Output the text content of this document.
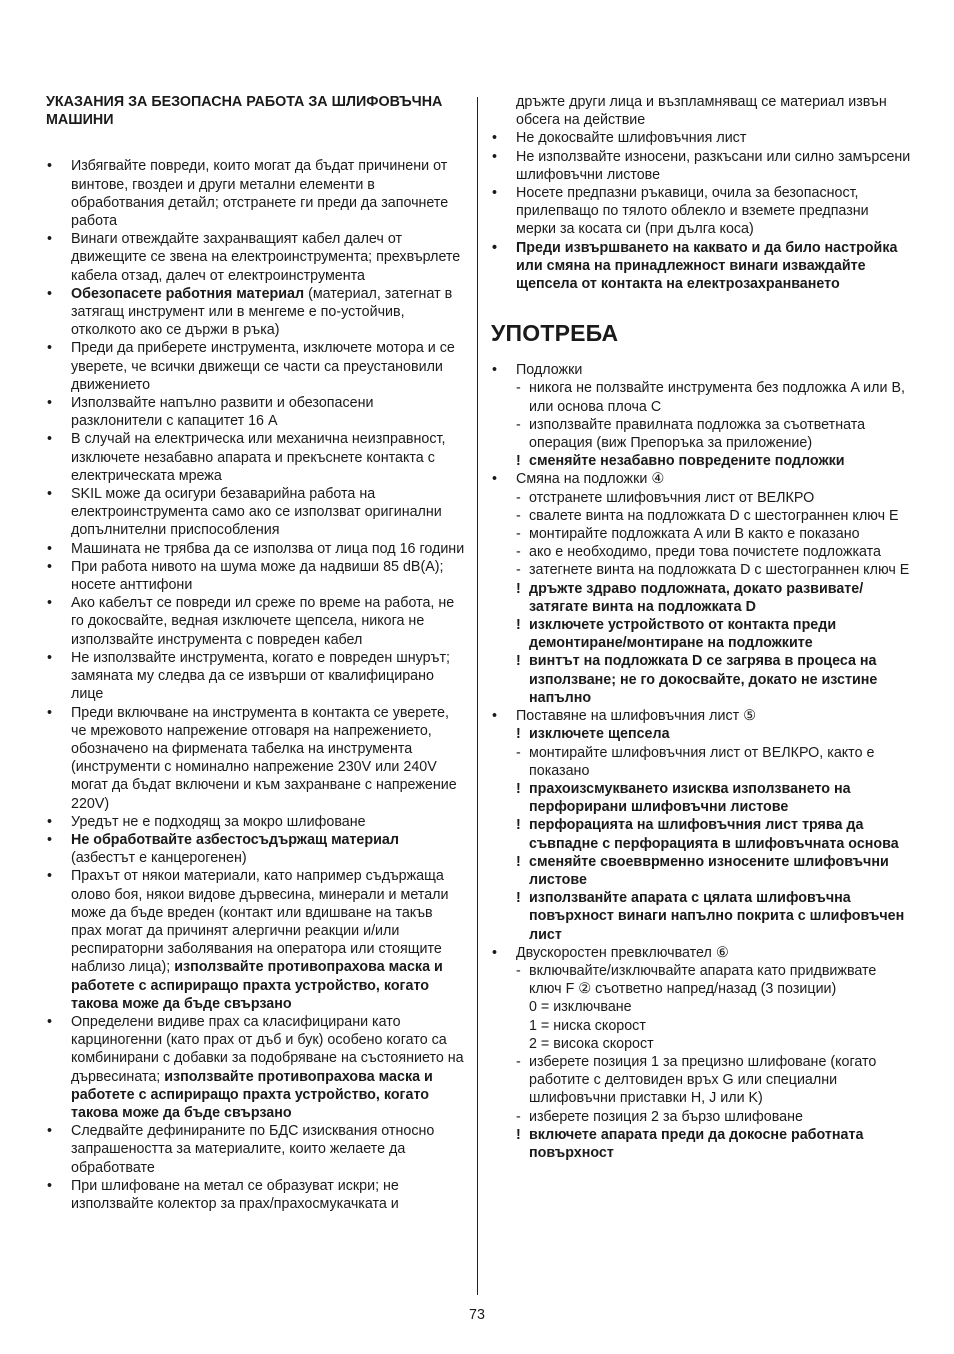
УКАЗАНИЯ ЗА БЕЗОПАСНА РАБОТА ЗА ШЛИФОВЪЧНА МАШИНИ
• Избягвайте повреди, които могат да бъдат причинени от винтове, гвоздеи и други метални елементи в обработвания детайл; отстранете ги преди да започнете работа
• Винаги отвеждайте захранващият кабел далеч от движещите се звена на електроинструмента; прехвърлете кабела отзад, далеч от електроинструмента
• Обезопасете работния материал (материал, затегнат в затягащ инструмент или в менгеме е по-устойчив, отколкото ако се държи в ръка)
• Преди да приберете инструмента, изключете мотора и се уверете, че всички движещи се части са преустановили движението
• Използвайте напълно развити и обезопасени разклонители с капацитет 16 A
• В случай на електрическа или механична неизправност, изключете незабавно апарата и прекъснете контакта с електрическата мрежа
• SKIL може да осигури безаварийна работа на електроинструмента само ако се използват оригинални допълнителни приспособления
• Машината не трябва да се използва от лица под 16 години
• При работа нивото на шума може да надвиши 85 dB(A); носете анттифони
• Ако кабелът се повреди ил среже по време на работа, не го докосвайте, ведная изключете щепсела, никога не използвайте инструмента с повреден кабел
• Не използвайте инструмента, когато е повреден шнурът; замяната му следва да се извърши от квалифицирано лице
• Преди включване на инструмента в контакта се уверете, че мрежовото напрежение отговаря на напрежението, обозначено на фирмената табелка на инструмента (инструменти с номинално напрежение 230V или 240V могат да бъдат включени и към захранване с напрежение 220V)
• Уредът не е подходящ за мокро шлифоване
• Не обработвайте азбестосъдържащ материал (азбестът е канцерогенен)
• Прахът от някои материали, като например съдържаща олово боя, някои видове дървесина, минерали и метали може да бъде вреден (контакт или вдишване на такъв прах могат да причинят алергични реакции и/или респираторни заболявания на оператора или стоящите наблизо лица); използвайте противопрахова маска и работете с аспириращо прахта устройство, когато такова може да бъде свързано
• Определени видиве прах са класифицирани като карциногенни (като прах от дъб и бук) особено когато са комбинирани с добавки за подобряване на състоянието на дървесината; използвайте противопрахова маска и работете с аспириращо прахта устройство, когато такова може да бъде свързано
• Следвайте дефинираните по БДС изисквания относно запрашеността за материалите, които желаете да обработвате
• При шлифоване на метал се образуват искри; не използвайте колектор за прах/прахосмукачката и
дръжте други лица и възпламняващ се материал извън обсега на действие
• Не докосвайте шлифовъчния лист
• Не използвайте износени, разкъсани или силно замърсени шлифовъчни листове
• Носете предпазни ръкавици, очила за безопасност, прилепващо по тялото облекло и вземете предпазни мерки за косата си (при дълга коса)
• Преди извършването на каквато и да било настройка или смяна на принадлежност винаги изваждайте щепсела от контакта на електрозахранването
УПОТРЕБА
• Подложки
- никога не ползвайте инструмента без подложка A или B, или основа плоча C
- използвайте правилната подложка за съответната операция (виж Препоръка за приложение)
! сменяйте незабавно повредените подложки
• Смяна на подложки ④
- отстранете шлифовъчния лист от ВЕЛКРО
- свалете винта на подложката D с шестограннен ключ E
- монтирайте подложката A или B както е показано
- ако е необходимо, преди това почистете подложката
- затегнете винта на подложката D с шестограннен ключ E
! дръжте здраво подложната, докато развивате/затягате винта на подложката D
! изключете устройството от контакта преди демонтиране/монтиране на подложките
! винтът на подложката D се загрява в процеса на използване; не го докосвайте, докато не изстине напълно
• Поставяне на шлифовъчния лист ⑤
! изключете щепсела
- монтирайте шлифовъчния лист от ВЕЛКРО, както е показано
! прахоизсмукването изисква използването на перфорирани шлифовъчни листове
! перфорацията на шлифовъчния лист трява да съвпадне с перфорацията в шлифовъчната основа
! сменяйте своевврменно износените шлифовъчни листове
! използванйте апарата с цялата шлифовъчна повърхност винаги напълно покрита с шлифовъчен лист
• Двускоростен превключвател ⑥
- включвайте/изключвайте апарата като придвижвате ключ F ② съответно напред/назад (3 позиции)
0 = изключване
1 = ниска скорост
2 = висока скорост
- изберете позиция 1 за прецизно шлифоване (когато работите с делтовиден връх G или специални шлифовъчни приставки H, J или K)
- изберете позиция 2 за бързо шлифоване
! включете апарата преди да докосне работната повърхност
73
